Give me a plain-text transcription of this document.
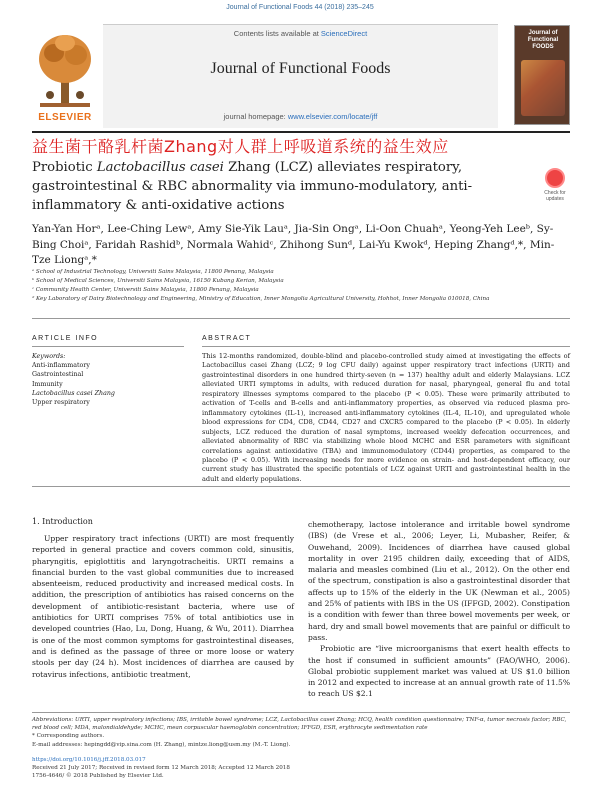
Journal of Functional Foods 44 (2018) 235–245
Contents lists available at ScienceDirect
Journal of Functional Foods
journal homepage: www.elsevier.com/locate/jff
ELSEVIER
Journal of Functional FOODS
益生菌干酪乳杆菌Zhang对人群上呼吸道系统的益生效应
Probiotic Lactobacillus casei Zhang (LCZ) alleviates respiratory, gastrointestinal & RBC abnormality via immuno-modulatory, anti-inflammatory & anti-oxidative actions
Check for updates
Yan-Yan Horᵃ, Lee-Ching Lewᵃ, Amy Sie-Yik Lauᵃ, Jia-Sin Ongᵃ, Li-Oon Chuahᵃ, Yeong-Yeh Leeᵇ, Sy-Bing Choiᵃ, Faridah Rashidᵇ, Normala Wahidᶜ, Zhihong Sunᵈ, Lai-Yu Kwokᵈ, Heping Zhangᵈ,*, Min-Tze Liongᵃ,*
ᵃ School of Industrial Technology, Universiti Sains Malaysia, 11800 Penang, Malaysia
ᵇ School of Medical Sciences, Universiti Sains Malaysia, 16150 Kubang Kerian, Malaysia
ᶜ Community Health Center, Universiti Sains Malaysia, 11800 Penang, Malaysia
ᵈ Key Laboratory of Dairy Biotechnology and Engineering, Ministry of Education, Inner Mongolia Agricultural University, Hohhot, Inner Mongolia 010018, China
ARTICLE INFO	ABSTRACT
Keywords:
Anti-inflammatory
Gastrointestinal
Immunity
Lactobacillus casei Zhang
Upper respiratory
This 12-months randomized, double-blind and placebo-controlled study aimed at investigating the effects of Lactobacillus casei Zhang (LCZ; 9 log CFU daily) against upper respiratory tract infections (URTI) and gastrointestinal disorders in one hundred thirty-seven (n = 137) healthy adult and elderly Malaysians. LCZ alleviated URTI symptoms in adults, with reduced duration for nasal, pharyngeal, general flu and total respiratory illnesses symptoms compared to the placebo (P < 0.05). These were primarily attributed to activation of T-cells and B-cells and anti-inflammatory properties, as observed via reduced plasma pro-inflammatory cytokines (IL-1), increased anti-inflammatory cytokines (IL-4, IL-10), and upregulated whole blood expressions for CD4, CD8, CD44, CD27 and CXCR5 compared to the placebo (P < 0.05). In elderly subjects, LCZ reduced the duration of nasal symptoms, increased weekly defecation occurrences, and alleviated abnormality of RBC via stabilizing whole blood MCHC and ESR parameters with significant correlations against antioxidative (TBA) and immunomodulatory (CD44) properties, as compared to the placebo (P < 0.05). With increasing needs for more evidence on strain- and host-dependent efficacy, our current study has illustrated the specific potentials of LCZ against URTI and gastrointestinal health in the adult and elderly populations.
1. Introduction
Upper respiratory tract infections (URTI) are most frequently reported in general practice and covers common cold, sinusitis, pharyngitis, epiglottitis and laryngotracheitis. URTI remains a financial burden to the vast global communities due to increased absenteeism, reduced productivity and increased medical costs. In addition, the prescription of antibiotics has raised concerns on the development of antibiotic-resistant bacteria, where use of antibiotics for URTI comprises 75% of total antibiotics use in developed countries (Hao, Lu, Dong, Huang, & Wu, 2011). Diarrhea is one of the most common symptoms for gastrointestinal diseases, and is defined as the passage of three or more loose or watery stools per day (24 h). Most incidences of diarrhea are caused by rotavirus infections, antibiotic treatment,
chemotherapy, lactose intolerance and irritable bowel syndrome (IBS) (de Vrese et al., 2006; Leyer, Li, Mubasher, Reifer, & Ouwehand, 2009). Incidences of diarrhea have caused global mortality in over 2195 children daily, exceeding that of AIDS, malaria and measles combined (Liu et al., 2012). On the other end of the spectrum, constipation is also a gastrointestinal disorder that affects up to 15% of the elderly in the UK (Newman et al., 2005) and 25% of patients with IBS in the US (IFFGD, 2002). Constipation is a condition with fewer than three bowel movements per week, or hard, dry and small bowel movements that are painful or difficult to pass.
Probiotic are “live microorganisms that exert health effects to the host if consumed in sufficient amounts” (FAO/WHO, 2006). Global probiotic supplement market was valued at US $1.0 billion in 2012 and expected to increase at an annual growth rate of 11.5% to reach US $2.1
Abbreviations: URTI, upper respiratory infections; IBS, irritable bowel syndrome; LCZ, Lactobacillus casei Zhang; HCQ, health condition questionnaire; TNF-α, tumor necrosis factor; RBC, red blood cell; MDA, malondialdehyde; MCHC, mean corpuscular haemoglobin concentration; IFFGD, ESR, erythrocyte sedimentation rate
* Corresponding authors.
E-mail addresses: hepingdd@vip.sina.com (H. Zhang), mintze.liong@usm.my (M.-T. Liong).
https://doi.org/10.1016/j.jff.2018.03.017
Received 21 July 2017; Received in revised form 12 March 2018; Accepted 12 March 2018
1756-4646/ © 2018 Published by Elsevier Ltd.
